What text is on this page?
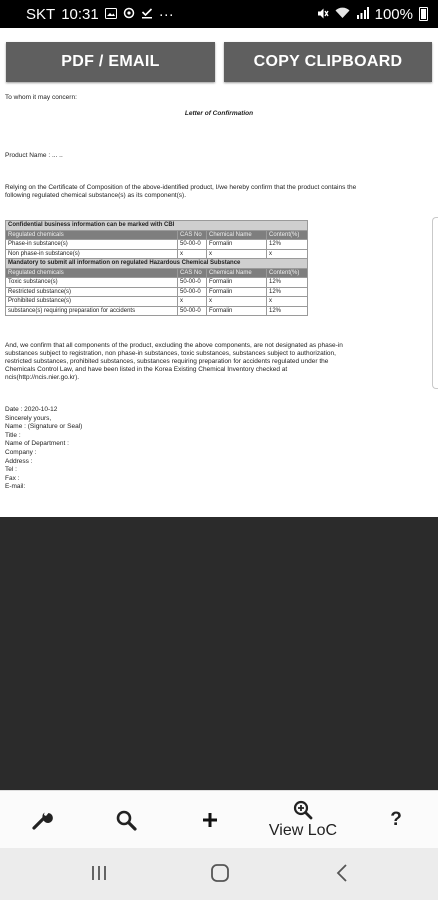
SKT 10:31	···	100%
PDF / EMAIL	COPY CLIPBOARD

To whom it may concern:

Letter of Confirmation

Product Name : ... ..

Relying on the Certificate of Composition of the above-identified product, I/we hereby confirm that the product contains the

following regulated chemical substance(s) as its component(s).

Confidential business information can be marked with CBI			
Regulated chemicals	CAS No	Chemical Name	Content(%)
Phase-in substance(s)	50-00-0	Formalin	12%
Non phase-in substance(s)	x	x	x
Mandatory to submit all information on regulated Hazardous Chemical Substance			
Regulated chemicals	CAS No	Chemical Name	Content(%)
Toxic substance(s)	50-00-0	Formalin	12%
Restricted substance(s)	50-00-0	Formalin	12%
Prohibited substance(s)	x	x	x
substance(s) requiring preparation for accidents	50-00-0	Formalin	12%

And, we confirm that all components of the product, excluding the above components, are not designated as phase-in

substances subject to registration, non phase-in substances, toxic substances, substances subject to authorization,

restricted substances, prohibited substances, substances requiring preparation for accidents regulated under the

Chemicals Control Law, and have been listed in the Korea Existing Chemical Inventory checked at

ncis(http://ncis.nier.go.kr).

Date : 2020-10-12

Sincerely yours,

Name : (Signature or Seal)

Title :

Name of Department :

Company :

Address :

Tel :

Fax :

E-mail:

View LoC
?
